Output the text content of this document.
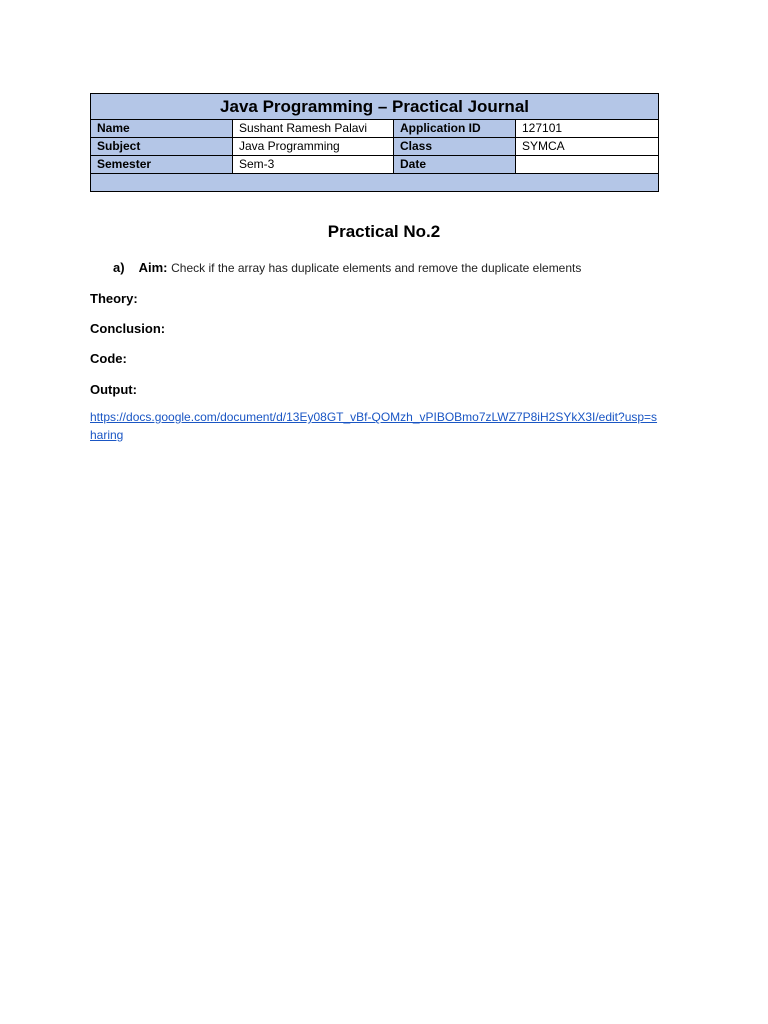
Java Programming – Practical Journal			
Name	Sushant Ramesh Palavi	Application ID	127101
Subject	Java Programming	Class	SYMCA
Semester	Sem-3	Date	

Practical No.2
a) Aim: Check if the array has duplicate elements and remove the duplicate elements
Theory:
Conclusion:
Code:
Output:
https://docs.google.com/document/d/13Ey08GT_vBf-QOMzh_vPIBOBmo7zLWZ7P8iH2SYkX3I/edit?usp=sharing
